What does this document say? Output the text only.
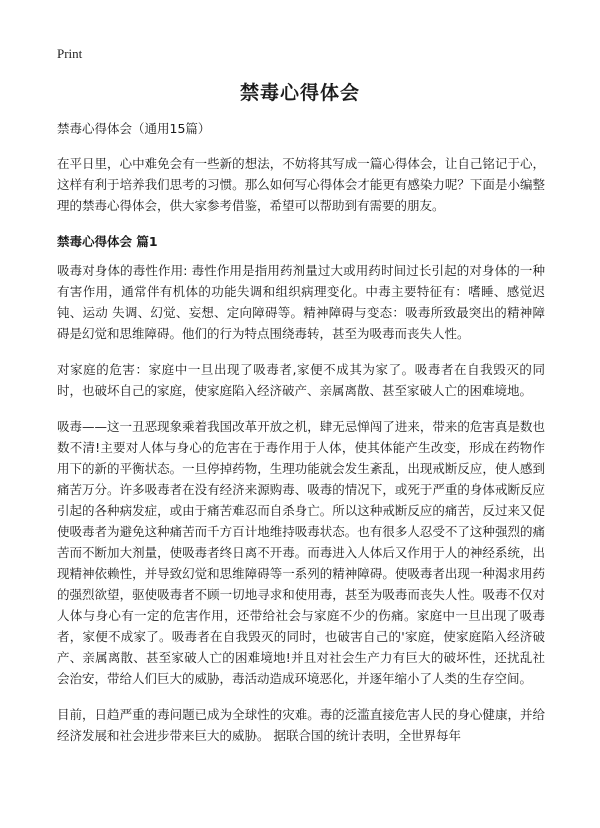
Print
禁毒心得体会

禁毒心得体会（通用15篇）

在平日里，心中难免会有一些新的想法，不妨将其写成一篇心得体会，让自己铭记于心，这样有利于培养我们思考的习惯。那么如何写心得体会才能更有感染力呢？下面是小编整理的禁毒心得体会，供大家参考借鉴，希望可以帮助到有需要的朋友。

禁毒心得体会 篇1

吸毒对身体的毒性作用: 毒性作用是指用药剂量过大或用药时间过长引起的对身体的一种有害作用，通常伴有机体的功能失调和组织病理变化。中毒主要特征有：嗜睡、感觉迟钝、运动 失调、幻觉、妄想、定向障碍等。精神障碍与变态：吸毒所致最突出的精神障碍是幻觉和思维障碍。他们的行为特点围绕毒转，甚至为吸毒而丧失人性。

对家庭的危害：家庭中一旦出现了吸毒者,家便不成其为家了。吸毒者在自我毁灭的同时，也破坏自己的家庭，使家庭陷入经济破产、亲属离散、甚至家破人亡的困难境地。

吸毒——这一丑恶现象乘着我国改革开放之机，肆无忌惮闯了进来，带来的危害真是数也数不清!主要对人体与身心的危害在于毒作用于人体，使其体能产生改变，形成在药物作用下的新的平衡状态。一旦停掉药物，生理功能就会发生紊乱，出现戒断反应，使人感到痛苦万分。许多吸毒者在没有经济来源购毒、吸毒的情况下，或死于严重的身体戒断反应引起的各种病发症，或由于痛苦难忍而自杀身亡。所以这种戒断反应的痛苦，反过来又促使吸毒者为避免这种痛苦而千方百计地维持吸毒状态。也有很多人忍受不了这种强烈的痛苦而不断加大剂量，使吸毒者终日离不开毒。而毒进入人体后又作用于人的神经系统，出现精神依赖性，并导致幻觉和思维障碍等一系列的精神障碍。使吸毒者出现一种渴求用药的强烈欲望，驱使吸毒者不顾一切地寻求和使用毒，甚至为吸毒而丧失人性。吸毒不仅对人体与身心有一定的危害作用，还带给社会与家庭不少的伤痛。家庭中一旦出现了吸毒者，家便不成家了。吸毒者在自我毁灭的同时，也破害自己的'家庭，使家庭陷入经济破产、亲属离散、甚至家破人亡的困难境地!并且对社会生产力有巨大的破坏性，还扰乱社会治安，带给人们巨大的威胁，毒活动造成环境恶化，并逐年缩小了人类的生存空间。

目前，日趋严重的毒问题已成为全球性的灾难。毒的泛滥直接危害人民的身心健康，并给经济发展和社会进步带来巨大的威胁。 据联合国的统计表明，全世界每年
